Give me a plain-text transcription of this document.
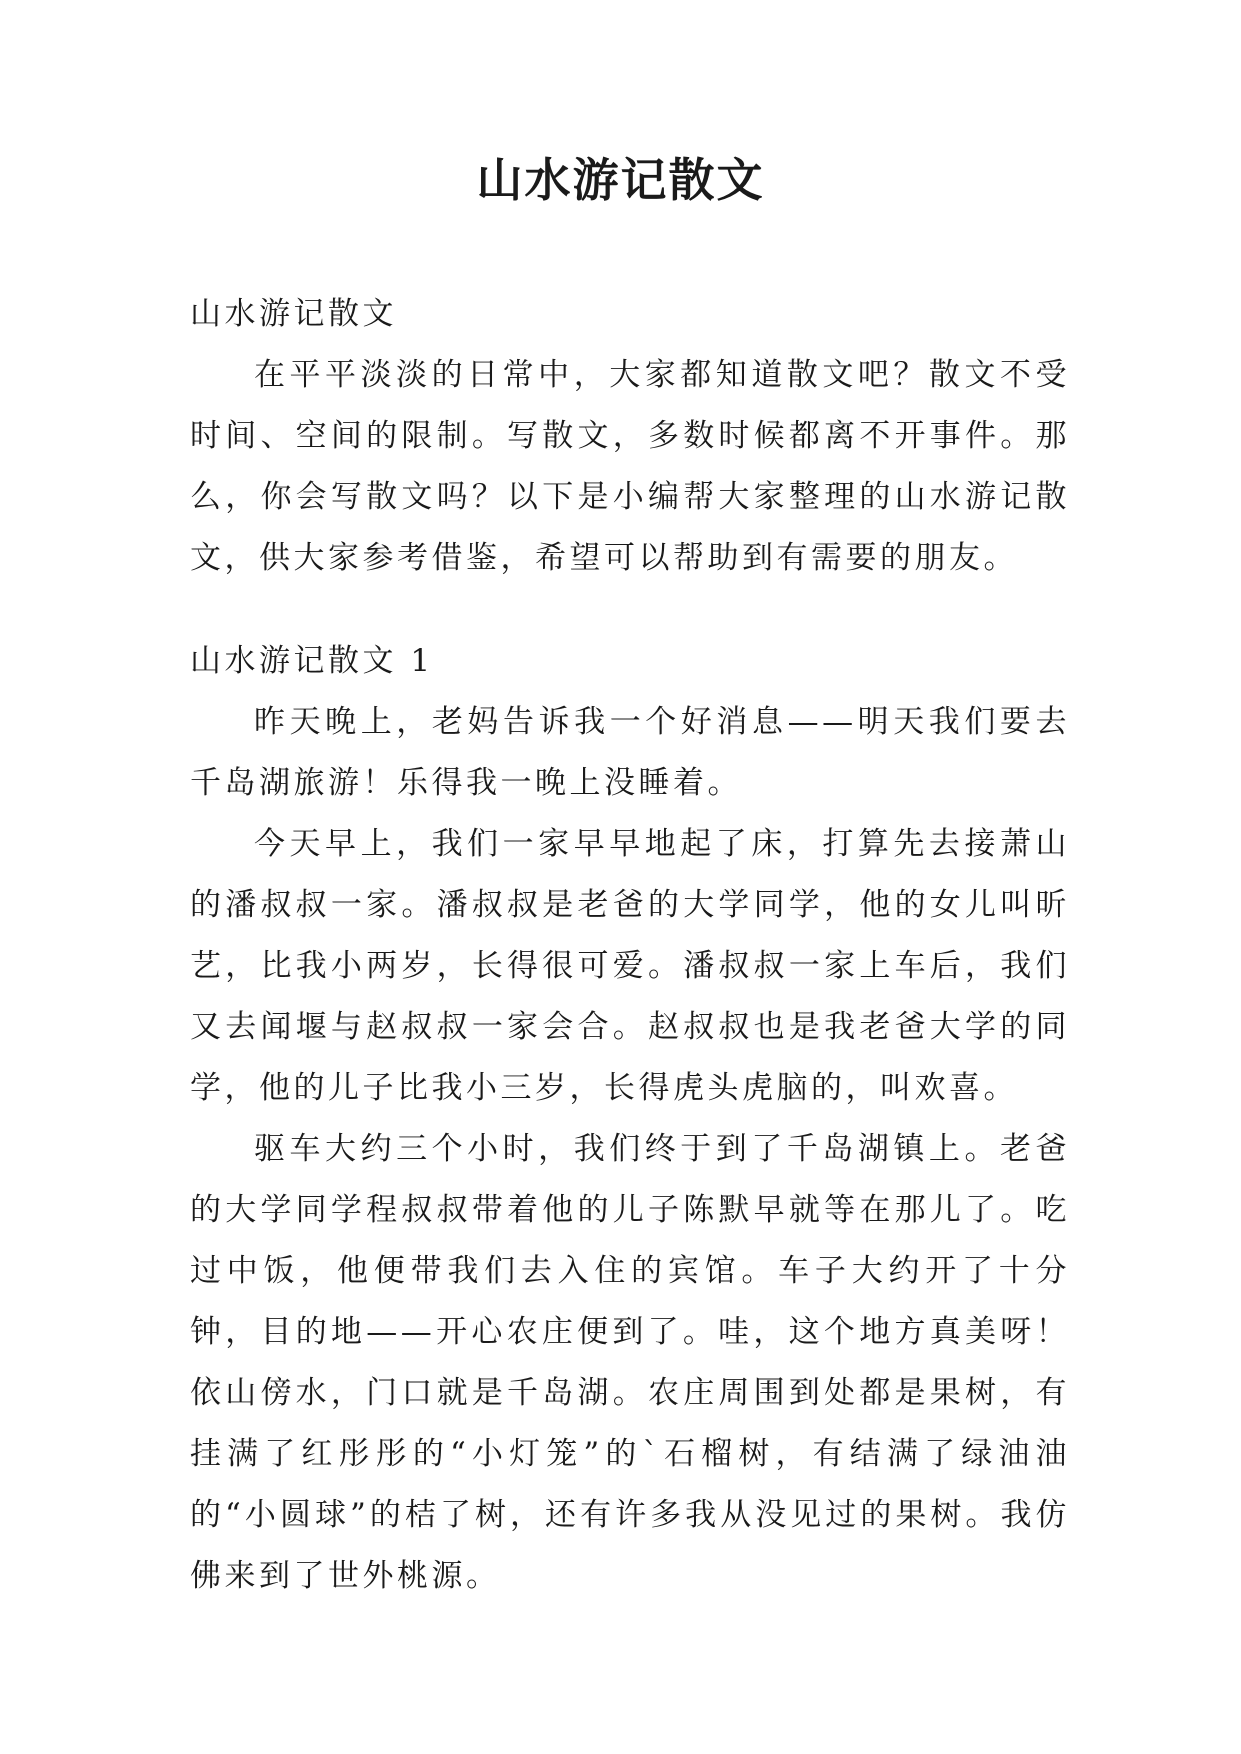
山水游记散文
山水游记散文

在平平淡淡的日常中，大家都知道散文吧？散文不受时间、空间的限制。写散文，多数时候都离不开事件。那么，你会写散文吗？以下是小编帮大家整理的山水游记散文，供大家参考借鉴，希望可以帮助到有需要的朋友。

山水游记散文 1

昨天晚上，老妈告诉我一个好消息——明天我们要去千岛湖旅游！乐得我一晚上没睡着。

今天早上，我们一家早早地起了床，打算先去接萧山的潘叔叔一家。潘叔叔是老爸的大学同学，他的女儿叫昕艺，比我小两岁，长得很可爱。潘叔叔一家上车后，我们又去闻堰与赵叔叔一家会合。赵叔叔也是我老爸大学的同学，他的儿子比我小三岁，长得虎头虎脑的，叫欢喜。

驱车大约三个小时，我们终于到了千岛湖镇上。老爸的大学同学程叔叔带着他的儿子陈默早就等在那儿了。吃过中饭，他便带我们去入住的宾馆。车子大约开了十分钟，目的地——开心农庄便到了。哇，这个地方真美呀！依山傍水，门口就是千岛湖。农庄周围到处都是果树，有挂满了红彤彤的“小灯笼”的`石榴树，有结满了绿油油的“小圆球”的桔了树，还有许多我从没见过的果树。我仿佛来到了世外桃源。
